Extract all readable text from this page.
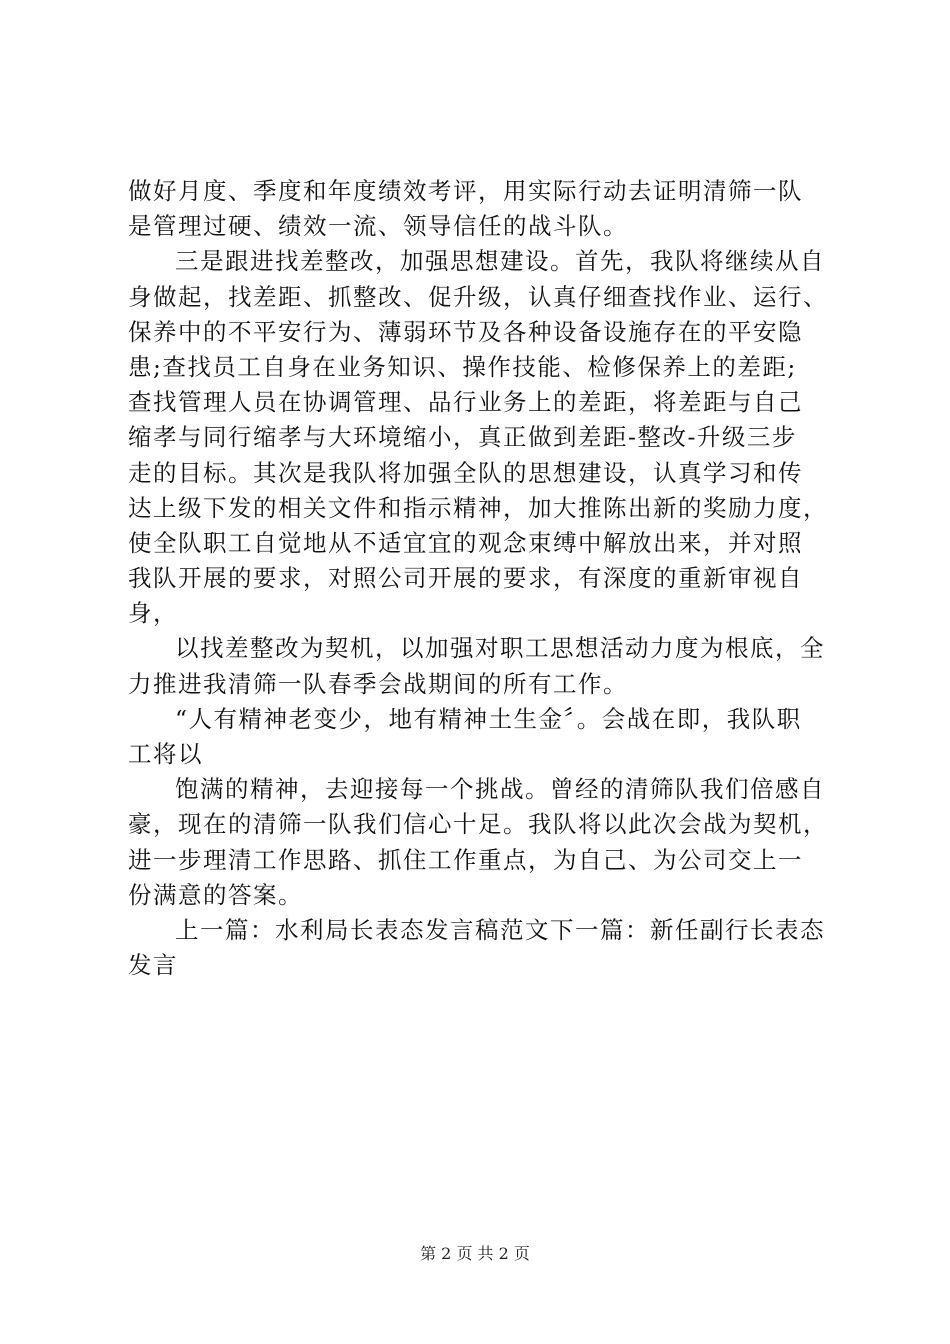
做好月度、季度和年度绩效考评，用实际行动去证明清筛一队
是管理过硬、绩效一流、领导信任的战斗队。
三是跟进找差整改，加强思想建设。首先，我队将继续从自
身做起，找差距、抓整改、促升级，认真仔细查找作业、运行、
保养中的不平安行为、薄弱环节及各种设备设施存在的平安隐
患;查找员工自身在业务知识、操作技能、检修保养上的差距;
查找管理人员在协调管理、品行业务上的差距，将差距与自己
缩孝与同行缩孝与大环境缩小，真正做到差距-整改-升级三步
走的目标。其次是我队将加强全队的思想建设，认真学习和传
达上级下发的相关文件和指示精神，加大推陈出新的奖励力度，
使全队职工自觉地从不适宜宜的观念束缚中解放出来，并对照
我队开展的要求，对照公司开展的要求，有深度的重新审视自
身，
以找差整改为契机，以加强对职工思想活动力度为根底，全
力推进我清筛一队春季会战期间的所有工作。
“人有精神老变少，地有精神土生金〞。会战在即，我队职
工将以
饱满的精神，去迎接每一个挑战。曾经的清筛队我们倍感自
豪，现在的清筛一队我们信心十足。我队将以此次会战为契机，
进一步理清工作思路、抓住工作重点，为自己、为公司交上一
份满意的答案。
上一篇：水利局长表态发言稿范文下一篇：新任副行长表态
发言
第 2 页 共 2 页
